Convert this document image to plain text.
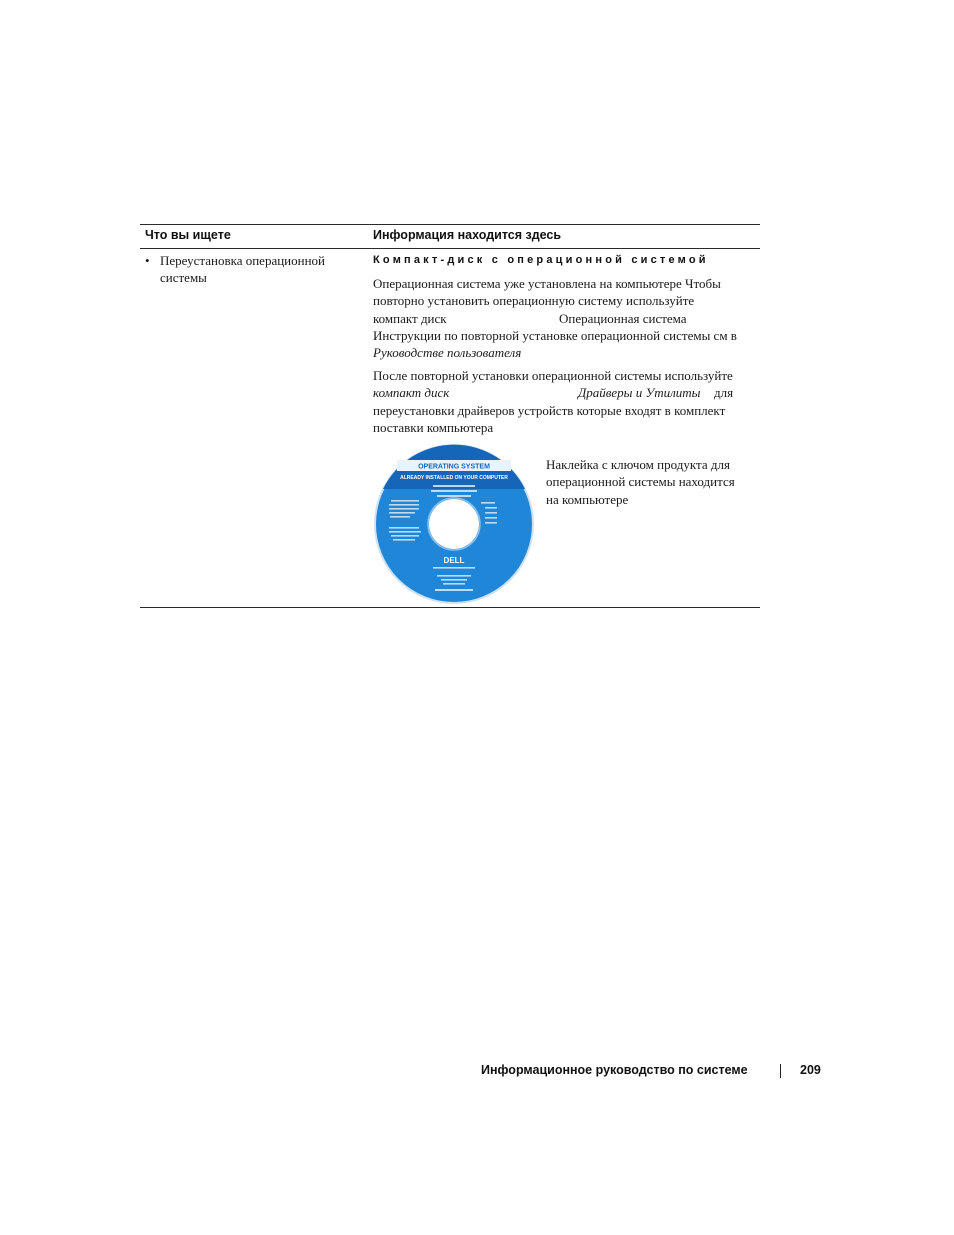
Что вы ищете	Информация находится здесь
• Переустановка операционной
системы
Компакт-диск с операционной системой
Операционная система уже установлена на компьютере Чтобы
повторно установить операционную систему используйте
компакт диск	Операционная система
Инструкции по повторной установке операционной системы см в
Руководстве пользователя
После повторной установки операционной системы используйте
компакт диск	Драйверы и Утилиты для
переустановки драйверов устройств которые входят в комплект
поставки компьютера
OPERATING SYSTEM
ALREADY INSTALLED ON YOUR COMPUTER
DELL
Наклейка с ключом продукта для
операционной системы находится
на компьютере
Информационное руководство по системе	209
